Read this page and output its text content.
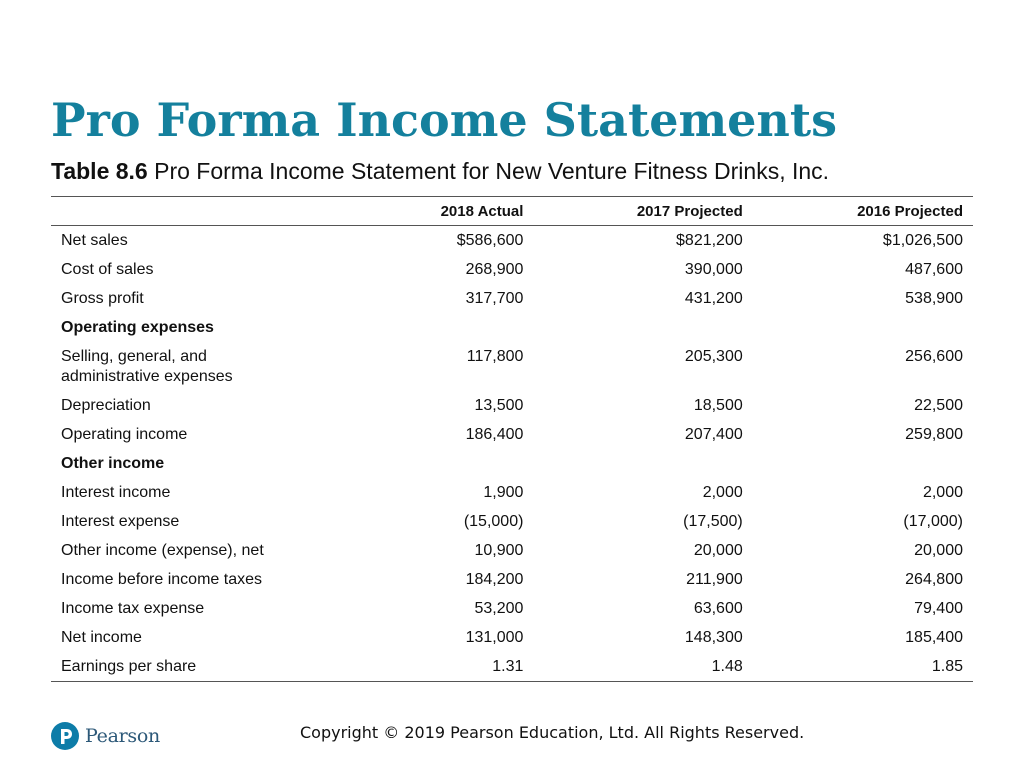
Pro Forma Income Statements
Table 8.6 Pro Forma Income Statement for New Venture Fitness Drinks, Inc.
	2018 Actual	2017 Projected	2016 Projected
Net sales	$586,600	$821,200	$1,026,500
Cost of sales	268,900	390,000	487,600
Gross profit	317,700	431,200	538,900
Operating expenses			
Selling, general, and administrative expenses	117,800	205,300	256,600
Depreciation	13,500	18,500	22,500
Operating income	186,400	207,400	259,800
Other income			
Interest income	1,900	2,000	2,000
Interest expense	(15,000)	(17,500)	(17,000)
Other income (expense), net	10,900	20,000	20,000
Income before income taxes	184,200	211,900	264,800
Income tax expense	53,200	63,600	79,400
Net income	131,000	148,300	185,400
Earnings per share	1.31	1.48	1.85
Pearson	Copyright © 2019 Pearson Education, Ltd. All Rights Reserved.
